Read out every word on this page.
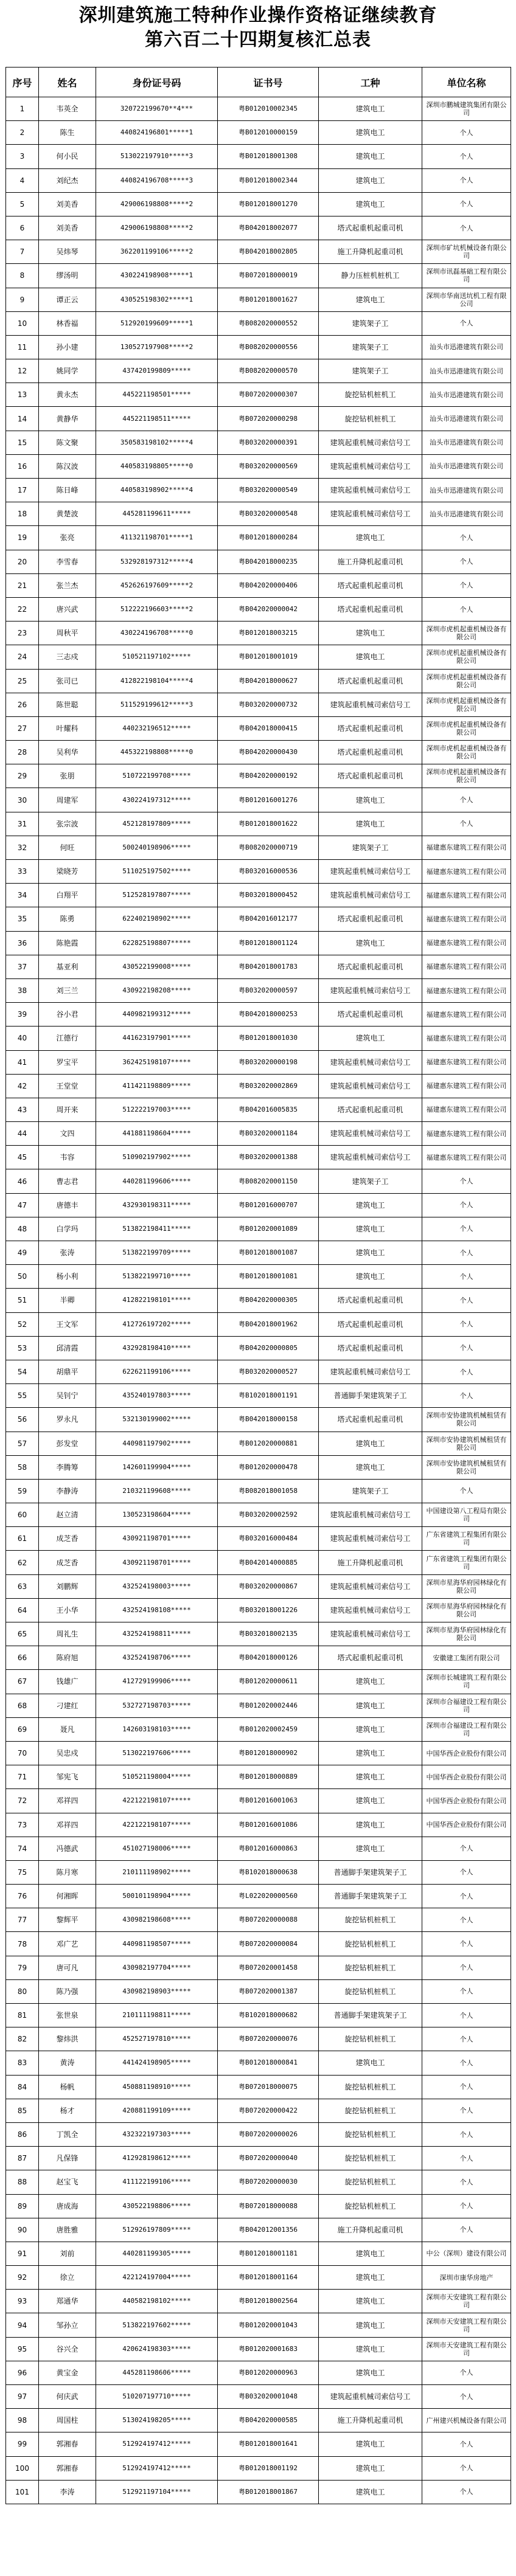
深圳建筑施工特种作业操作资格证继续教育
第六百二十四期复核汇总表
序号	姓名	身份证号码	证书号	工种	单位名称
1	韦英全	320722199670**4***	粤B012010002345	建筑电工	深圳市鹏城建筑集团有限公司
2	陈生	440824196801*****1	粤B012010000159	建筑电工	个人
3	何小民	513022197910*****3	粤B012018001308	建筑电工	个人
4	刘纪杰	440824196708*****3	粤B012018002344	建筑电工	个人
5	刘美香	429006198808*****2	粤B012018001270	建筑电工	个人
6	刘美香	429006198808*****2	粤B042018002077	塔式起重机起重司机	个人
7	吴炜琴	362201199106*****2	粤B042018002805	施工升降机起重司机	深圳市矿坑机械设备有限公司
8	缪汤明	430224198908*****1	粤B072018000019	静力压桩机桩机工	深圳市讯磊基础工程有限公司
9	谭正云	430525198302*****1	粤B012018001627	建筑电工	深圳市华南送坑机工程有限公司
10	林香福	512920199609*****1	粤B082020000552	建筑架子工	个人
11	孙小建	130527197908*****2	粤B082020000556	建筑架子工	汕头市迅港建筑有限公司
12	姚同学	437420199809*****	粤B082020000570	建筑架子工	汕头市迅港建筑有限公司
13	黄永杰	445221198501*****	粤B072020000307	旋挖钻机桩机工	汕头市迅港建筑有限公司
14	黄静华	445221198511*****	粤B072020000298	旋挖钻机桩机工	汕头市迅港建筑有限公司
15	陈文聚	350583198102*****4	粤B032020000391	建筑起重机械司索信号工	汕头市迅港建筑有限公司
16	陈汉波	440583198805*****0	粤B032020000569	建筑起重机械司索信号工	汕头市迅港建筑有限公司
17	陈日峰	440583198902*****4	粤B032020000549	建筑起重机械司索信号工	汕头市迅港建筑有限公司
18	黄楚波	445281199611*****	粤B032020000548	建筑起重机械司索信号工	汕头市迅港建筑有限公司
19	张亮	411321198701*****1	粤B012018000284	建筑电工	个人
20	李雪春	532928197312*****4	粤B042018000235	施工升降机起重司机	个人
21	张兰杰	452626197609*****2	粤B042020000406	塔式起重机起重司机	个人
22	唐兴武	512222196603*****2	粤B042020000042	塔式起重机起重司机	个人
23	周秋平	430224196708*****0	粤B012018003215	建筑电工	深圳市虎机起重机械设备有限公司
24	三志戍	510521197102*****	粤B012018001019	建筑电工	深圳市虎机起重机械设备有限公司
25	张司已	412822198104*****4	粤B042018000627	塔式起重机起重司机	深圳市虎机起重机械设备有限公司
26	陈世聪	511529199612*****3	粤B032020000732	建筑起重机械司索信号工	深圳市虎机起重机械设备有限公司
27	叶耀科	440232196512*****	粤B042018000415	塔式起重机起重司机	深圳市虎机起重机械设备有限公司
28	吴利华	445322198808*****0	粤B042020000430	塔式起重机起重司机	深圳市虎机起重机械设备有限公司
29	张朋	510722199708*****	粤B042020000192	塔式起重机起重司机	深圳市虎机起重机械设备有限公司
30	周建军	430224197312*****	粤B012016001276	建筑电工	个人
31	张宗波	452128197809*****	粤B012018001622	建筑电工	个人
32	何旺	500240198906*****	粤B082020000719	建筑架子工	福建惠东建筑工程有限公司
33	梁晓芳	511025197502*****	粤B032016000536	建筑起重机械司索信号工	福建惠东建筑工程有限公司
34	白翔平	512528197807*****	粤B032018000452	建筑起重机械司索信号工	福建惠东建筑工程有限公司
35	陈勇	622402198902*****	粤B042016012177	塔式起重机起重司机	福建惠东建筑工程有限公司
36	陈艳霞	622825198807*****	粤B012018001124	建筑电工	福建惠东建筑工程有限公司
37	基亚利	430522199008*****	粤B042018001783	塔式起重机起重司机	福建惠东建筑工程有限公司
38	刘三兰	430922198208*****	粤B032020000597	建筑起重机械司索信号工	福建惠东建筑工程有限公司
39	谷小君	440982199312*****	粤B042018000253	塔式起重机起重司机	福建惠东建筑工程有限公司
40	江德行	441623197901*****	粤B012018001030	建筑电工	福建惠东建筑工程有限公司
41	罗宝平	362425198107*****	粤B032020000198	建筑起重机械司索信号工	福建惠东建筑工程有限公司
42	王堂堂	411421198809*****	粤B032020002869	建筑起重机械司索信号工	福建惠东建筑工程有限公司
43	周开来	512222197003*****	粤B042016005835	塔式起重机起重司机	福建惠东建筑工程有限公司
44	文四	441881198604*****	粤B032020001184	建筑起重机械司索信号工	福建惠东建筑工程有限公司
45	韦容	510902197902*****	粤B032020001388	建筑起重机械司索信号工	福建惠东建筑工程有限公司
46	曹志君	440281199606*****	粤B082020001150	建筑架子工	个人
47	唐德丰	432930198311*****	粤B012016000707	建筑电工	个人
48	白学玛	513822198411*****	粤B012020001089	建筑电工	个人
49	张涛	513822199709*****	粤B012018001087	建筑电工	个人
50	杨小利	513822199710*****	粤B012018001081	建筑电工	个人
51	半卿	412822198101*****	粤B042020000305	塔式起重机起重司机	个人
52	王文军	412726197202*****	粤B042018001962	塔式起重机起重司机	个人
53	邱清霞	432928198410*****	粤B042020000805	塔式起重机起重司机	个人
54	胡鼎平	622621199106*****	粤B032020000527	建筑起重机械司索信号工	个人
55	吴钊宁	435240197803*****	粤B102018001191	普通脚手架建筑架子工	个人
56	罗永凡	532130199002*****	粤B042018000158	塔式起重机起重司机	深圳市安协建筑机械租赁有限公司
57	彭发堂	440981197902*****	粤B012020000881	建筑电工	深圳市安协建筑机械租赁有限公司
58	李腾筹	142601199904*****	粤B012020000478	建筑电工	深圳市安协建筑机械租赁有限公司
59	李静涛	210321199608*****	粤B082018001058	建筑架子工	个人
60	赵立清	130523198604*****	粤B032020002592	建筑起重机械司索信号工	中国建设第八工程局有限公司
61	成芝香	430921198701*****	粤B032016000484	建筑起重机械司索信号工	广东省建筑工程集团有限公司
62	成芝香	430921198701*****	粤B042014000885	施工升降机起重司机	广东省建筑工程集团有限公司
63	刘鹏辉	432524198003*****	粤B032020000867	建筑起重机械司索信号工	深圳市星海华府园林绿化有限公司
64	王小华	432524198108*****	粤B032018001226	建筑起重机械司索信号工	深圳市星海华府园林绿化有限公司
65	周礼生	432524198811*****	粤B032018002135	建筑起重机械司索信号工	深圳市星海华府园林绿化有限公司
66	陈府旭	432524198706*****	粤B042018000126	塔式起重机起重司机	安徽建工集团有限公司
67	钱雄广	412729199906*****	粤B012020000611	建筑电工	深圳市长城建筑工程有限公司
68	刁建红	532727198703*****	粤B012020002446	建筑电工	深圳市合福建设工程有限公司
69	聂凡	142603198103*****	粤B012020002459	建筑电工	深圳市合福建设工程有限公司
70	吴忠戍	513022197606*****	粤B012018000902	建筑电工	中国华西企业股份有限公司
71	邹宪飞	510521198004*****	粤B012018000889	建筑电工	中国华西企业股份有限公司
72	邓祥四	422122198107*****	粤B012016001063	建筑电工	中国华西企业股份有限公司
73	邓祥四	422122198107*****	粤B012016001086	建筑电工	中国华西企业股份有限公司
74	冯德武	451027198006*****	粤B012016000863	建筑电工	个人
75	陈月寒	210111198902*****	粤B102018000638	普通脚手架建筑架子工	个人
76	何湘晖	500101198904*****	粤L022020000560	普通脚手架建筑架子工	个人
77	黎辉平	430982198608*****	粤B072020000088	旋挖钻机桩机工	个人
78	邓广艺	440981198507*****	粤B072020000084	旋挖钻机桩机工	个人
79	唐可凡	430982197704*****	粤B072020001458	旋挖钻机桩机工	个人
80	陈乃强	430982198903*****	粤B072020001387	旋挖钻机桩机工	个人
81	张世泉	210111198811*****	粤B102018000682	普通脚手架建筑架子工	个人
82	黎炜洪	452527197810*****	粤B072020000076	旋挖钻机桩机工	个人
83	黄涛	441424198905*****	粤B012018000841	建筑电工	个人
84	杨帆	450881198910*****	粤B072018000075	旋挖钻机桩机工	个人
85	杨才	420881199109*****	粤B072020000422	旋挖钻机桩机工	个人
86	丁凯全	432322197303*****	粤B072020000026	旋挖钻机桩机工	个人
87	凡保锋	412928198612*****	粤B072020000040	旋挖钻机桩机工	个人
88	赵宝飞	411122199106*****	粤B072020000030	旋挖钻机桩机工	个人
89	唐成海	430522198806*****	粤B072018000088	旋挖钻机桩机工	个人
90	唐胜雅	512926197809*****	粤B042012001356	施工升降机起重司机	个人
91	刘前	440281199305*****	粤B012018001181	建筑电工	中公（深圳）建设有限公司
92	徐立	422124197004*****	粤B012018001164	建筑电工	深圳市康华房地产
93	郑通华	440582198102*****	粤B012018002564	建筑电工	深圳市天安建筑工程有限公司
94	邹孙立	513822197602*****	粤B012020001043	建筑电工	深圳市天安建筑工程有限公司
95	谷兴全	420624198303*****	粤B012020001683	建筑电工	深圳市天安建筑工程有限公司
96	黄宝金	445281198606*****	粤B012020000963	建筑电工	个人
97	何庆武	510207197710*****	粤B032020001048	建筑起重机械司索信号工	个人
98	周国柱	513024198205*****	粤B042020000585	施工升降机起重司机	广州建兴机械设备有限公司
99	郭湘春	512924197412*****	粤B012018001641	建筑电工	个人
100	郭湘春	512924197412*****	粤B012018001192	建筑电工	个人
101	李涛	512921197104*****	粤B012018001867	建筑电工	个人
